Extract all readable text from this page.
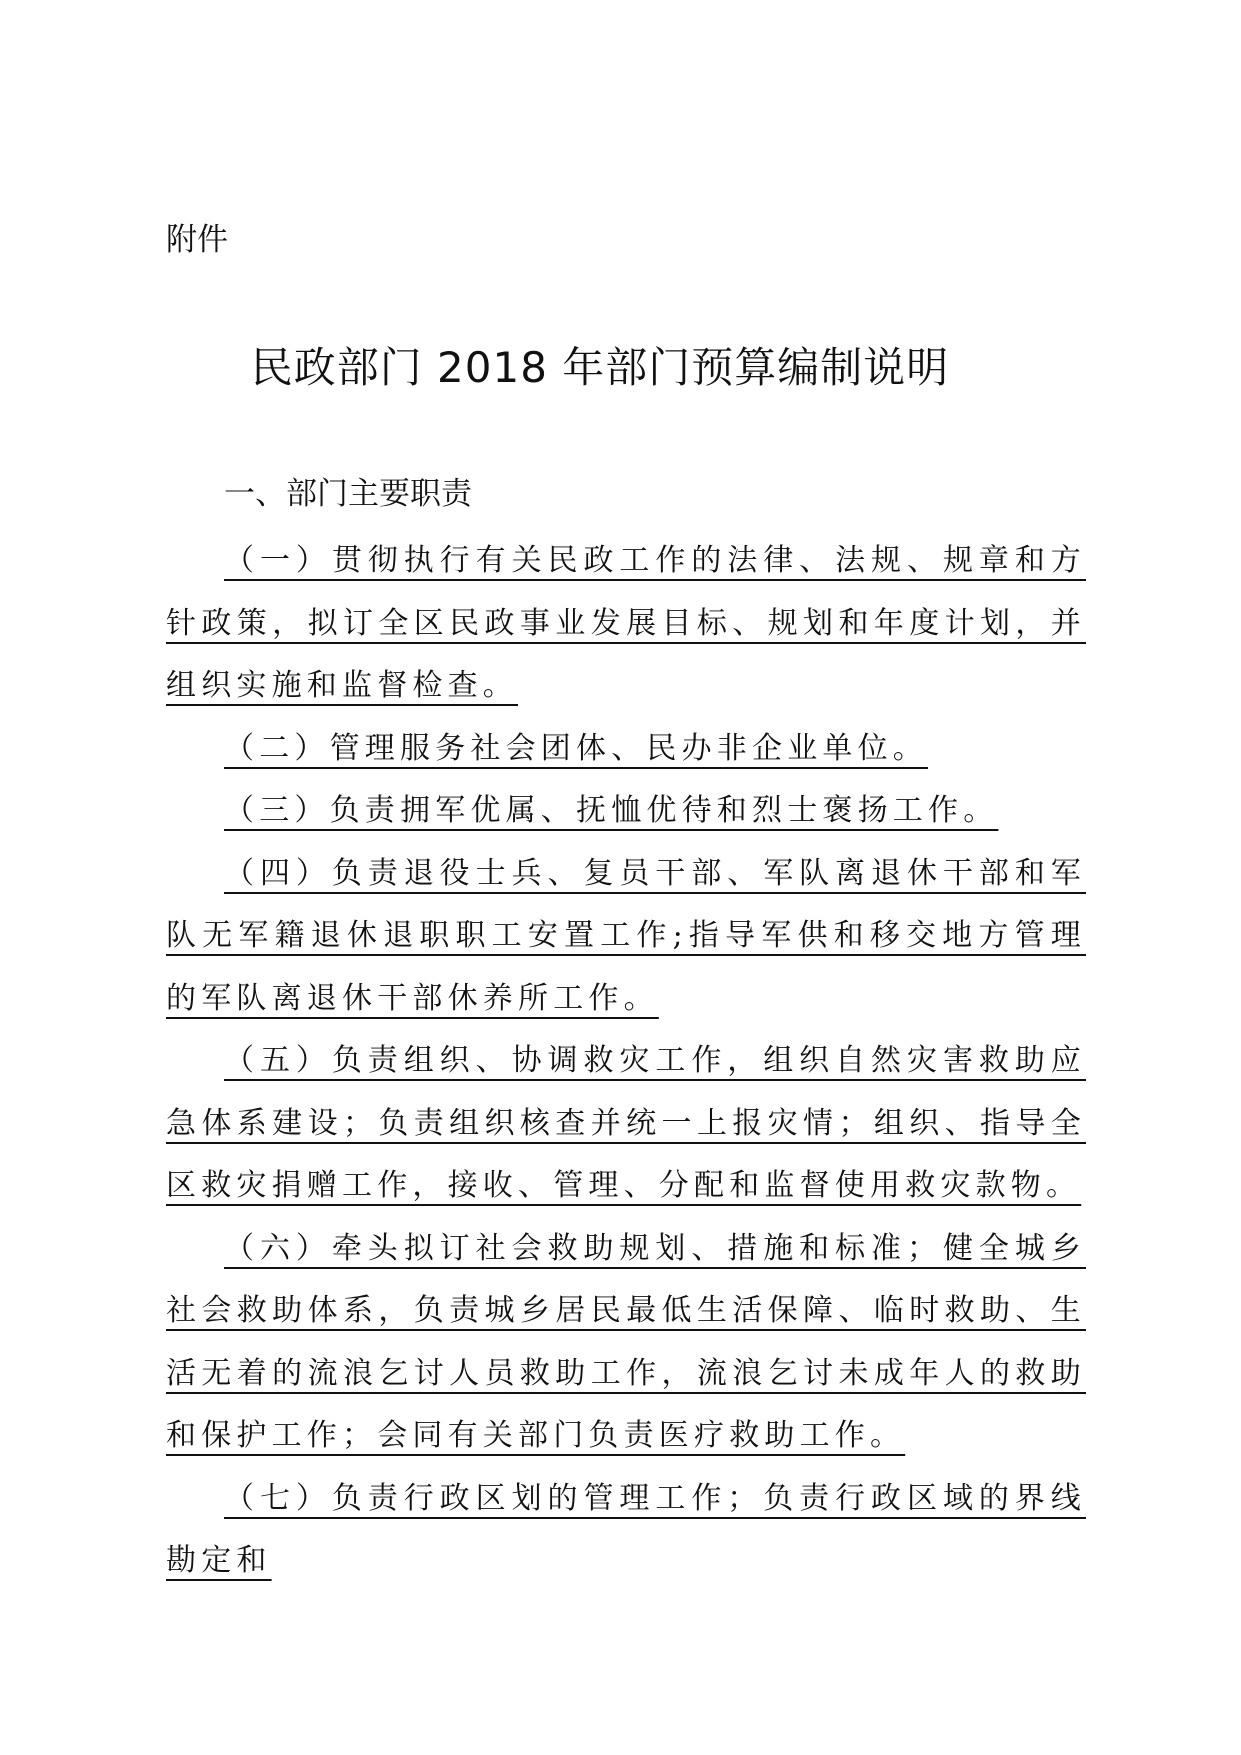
附件
民政部门 2018 年部门预算编制说明
一、部门主要职责

（一）贯彻执行有关民政工作的法律、法规、规章和方针政策，拟订全区民政事业发展目标、规划和年度计划，并组织实施和监督检查。

（二）管理服务社会团体、民办非企业单位。

（三）负责拥军优属、抚恤优待和烈士褒扬工作。

（四）负责退役士兵、复员干部、军队离退休干部和军队无军籍退休退职职工安置工作;指导军供和移交地方管理的军队离退休干部休养所工作。

（五）负责组织、协调救灾工作，组织自然灾害救助应急体系建设；负责组织核查并统一上报灾情；组织、指导全区救灾捐赠工作，接收、管理、分配和监督使用救灾款物。

（六）牵头拟订社会救助规划、措施和标准；健全城乡社会救助体系，负责城乡居民最低生活保障、临时救助、生活无着的流浪乞讨人员救助工作，流浪乞讨未成年人的救助和保护工作；会同有关部门负责医疗救助工作。

（七）负责行政区划的管理工作；负责行政区域的界线勘定和
